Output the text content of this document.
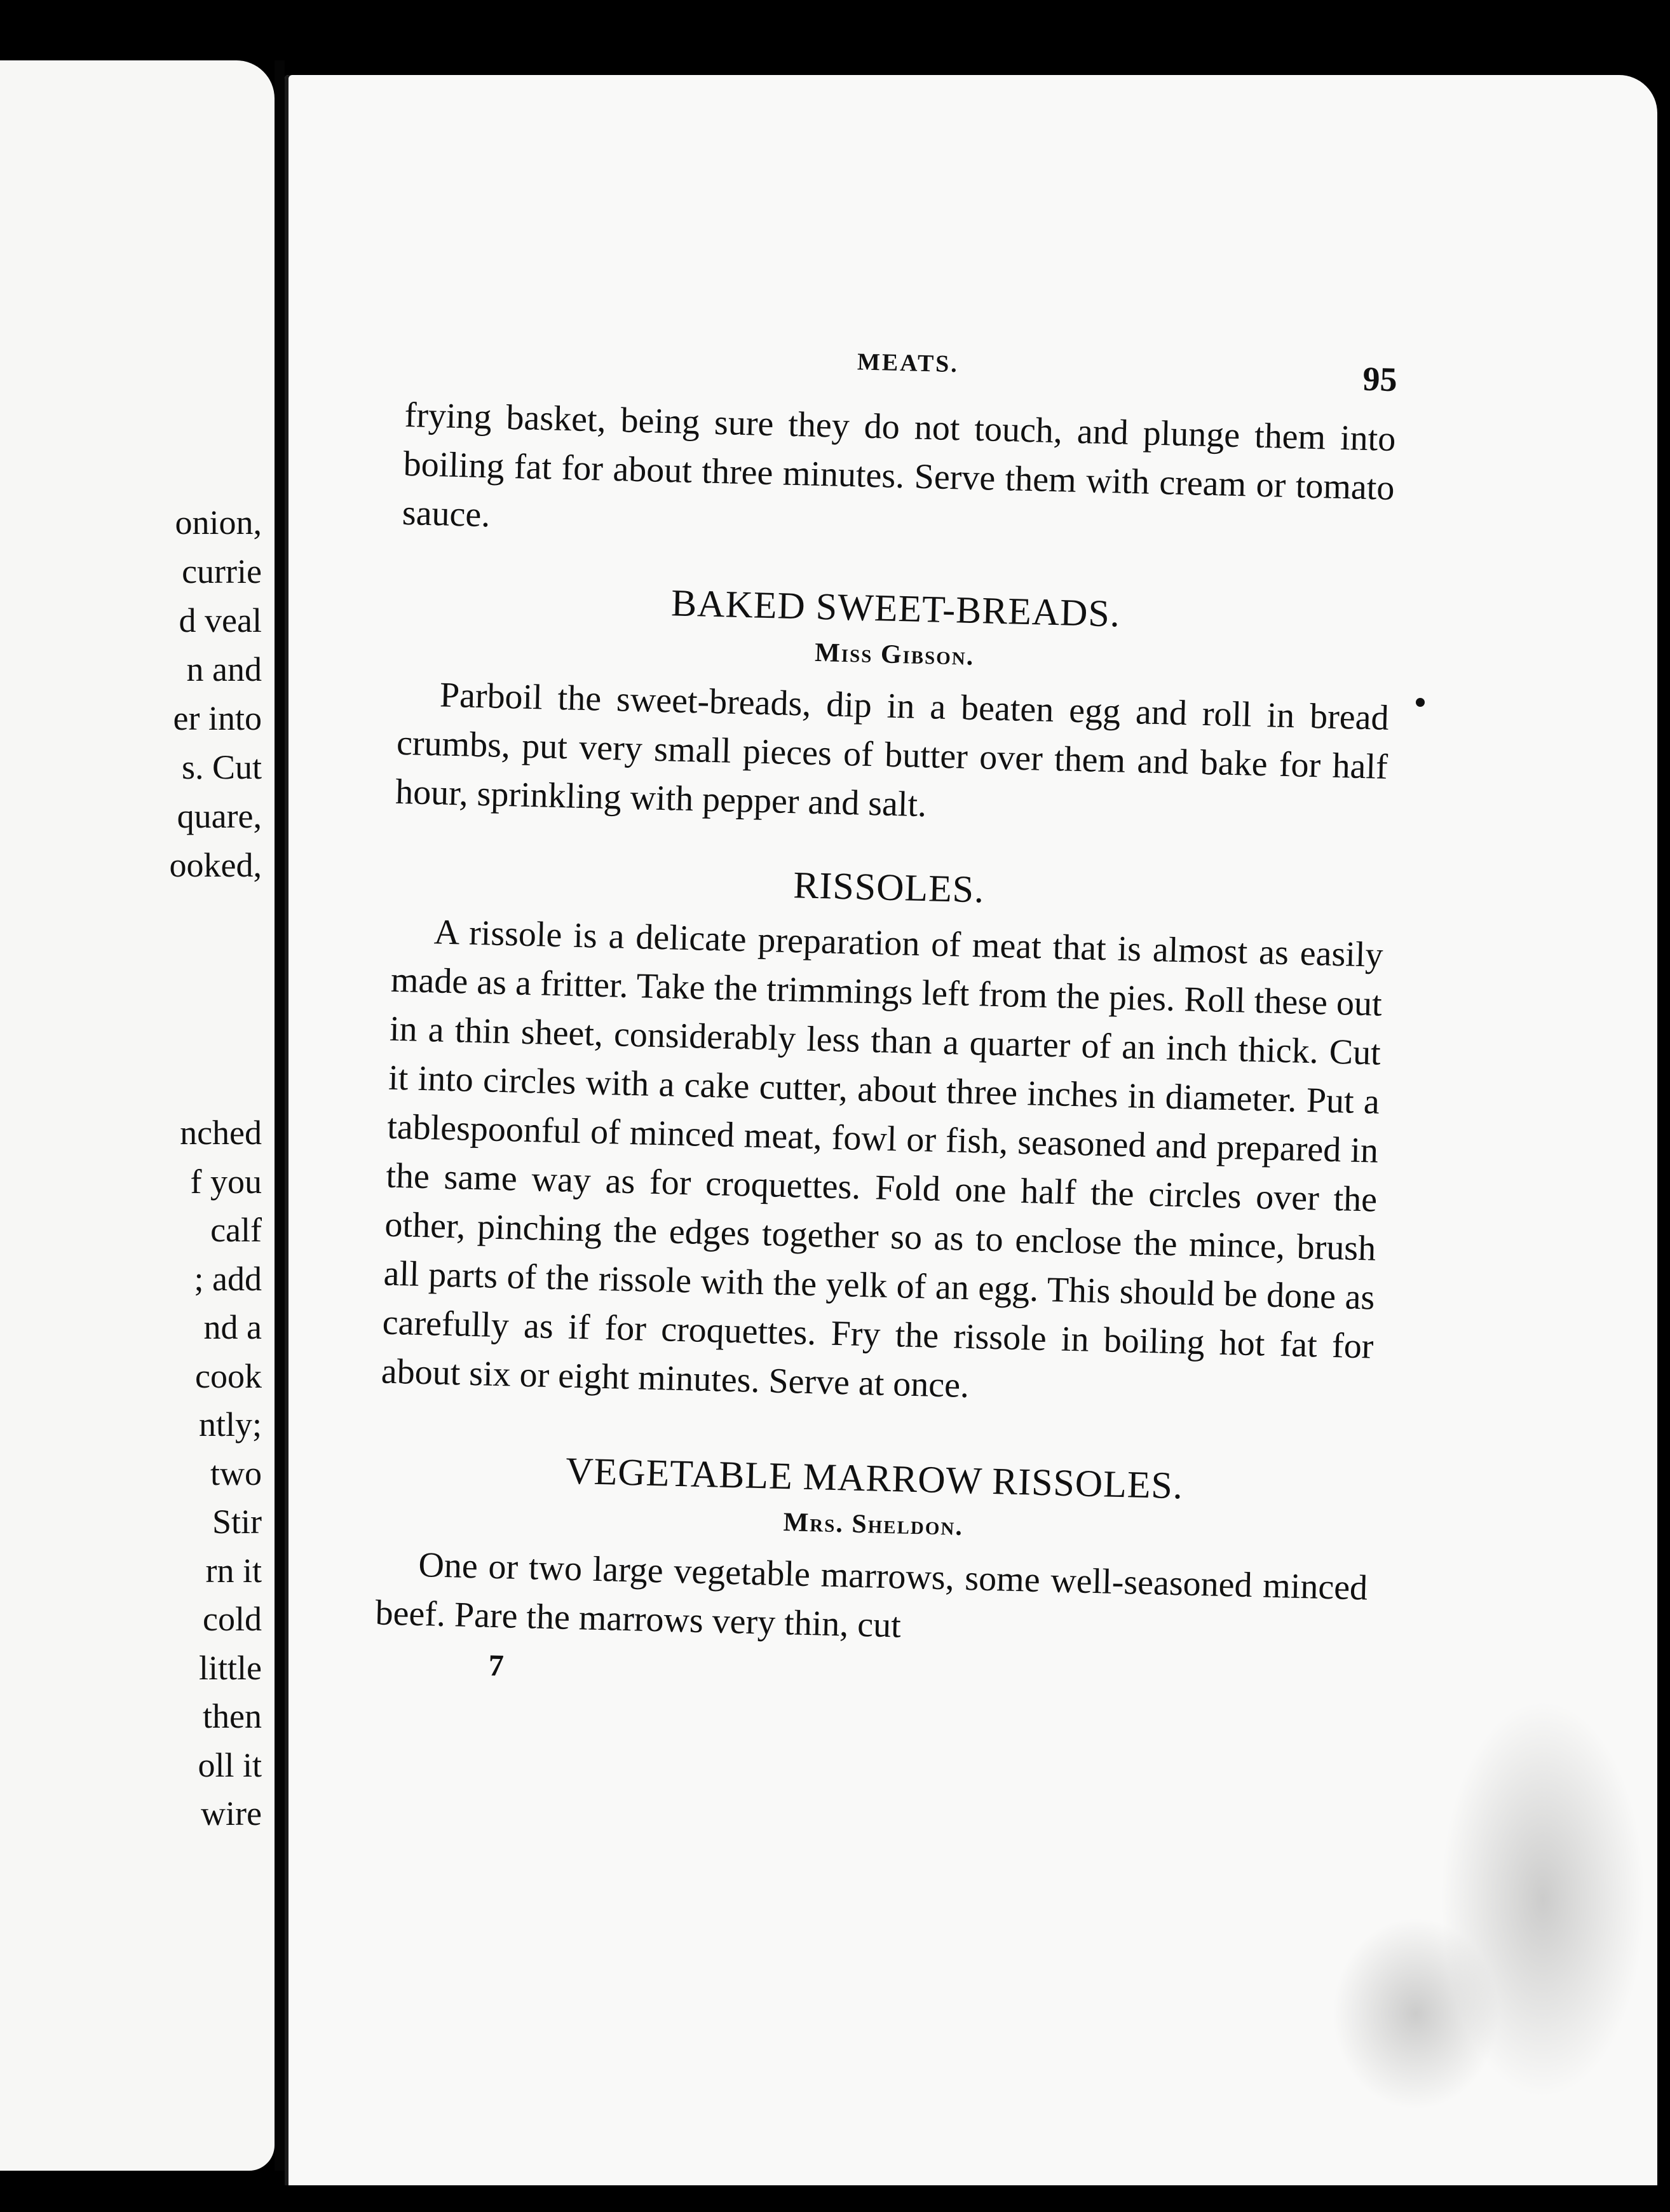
onion,
currie
d veal
n and
er into
s. Cut
quare,
ooked,
nched
f you
calf
; add
nd a
cook
ntly;
two
Stir
rn it
cold
little
then
oll it
wire
MEATS.	95

frying basket, being sure they do not touch, and plunge them into boiling fat for about three minutes. Serve them with cream or tomato sauce.

BAKED SWEET-BREADS.
Miss Gibson.

Parboil the sweet-breads, dip in a beaten egg and roll in bread crumbs, put very small pieces of butter over them and bake for half hour, sprinkling with pepper and salt.

RISSOLES.

A rissole is a delicate preparation of meat that is almost as easily made as a fritter. Take the trimmings left from the pies. Roll these out in a thin sheet, considerably less than a quarter of an inch thick. Cut it into circles with a cake cutter, about three inches in diameter. Put a tablespoonful of minced meat, fowl or fish, seasoned and prepared in the same way as for croquettes. Fold one half the circles over the other, pinching the edges together so as to enclose the mince, brush all parts of the rissole with the yelk of an egg. This should be done as carefully as if for croquettes. Fry the rissole in boiling hot fat for about six or eight minutes. Serve at once.

VEGETABLE MARROW RISSOLES.
Mrs. Sheldon.

One or two large vegetable marrows, some well-seasoned minced beef. Pare the marrows very thin, cut

7
